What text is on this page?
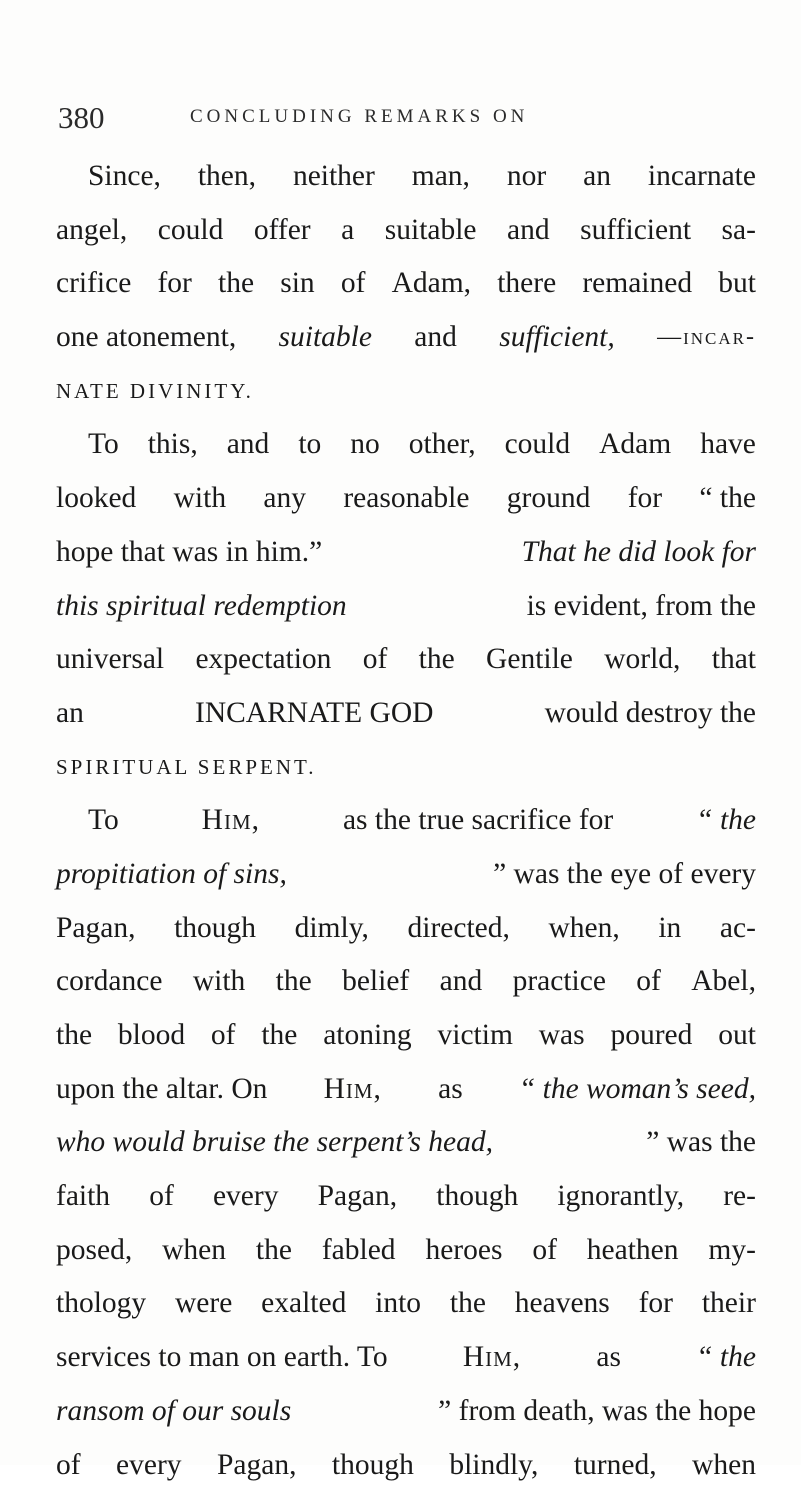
380	CONCLUDING REMARKS ON
Since, then, neither man, nor an incarnate
angel, could offer a suitable and sufficient sa-
crifice for the sin of Adam, there remained but
one atonement, suitable and sufficient, —incar-
NATE DIVINITY.
To this, and to no other, could Adam have
looked with any reasonable ground for “ the
hope that was in him.”	That he did look for
this spiritual redemption	is evident, from the
universal expectation of the Gentile world, that
an	INCARNATE GOD	would destroy the
SPIRITUAL SERPENT.
To	Him,	as the true sacrifice for	“ the
propitiation of sins,	” was the eye of every
Pagan, though dimly, directed, when, in ac-
cordance with the belief and practice of Abel,
the blood of the atoning victim was poured out
upon the altar. On Him, as “ the woman’s seed,
who would bruise the serpent’s head,	” was the
faith of every Pagan, though ignorantly, re-
posed, when the fabled heroes of heathen my-
thology were exalted into the heavens for their
services to man on earth. To	Him,	as	“ the
ransom of our souls	” from death, was the hope
of every Pagan, though blindly, turned, when
